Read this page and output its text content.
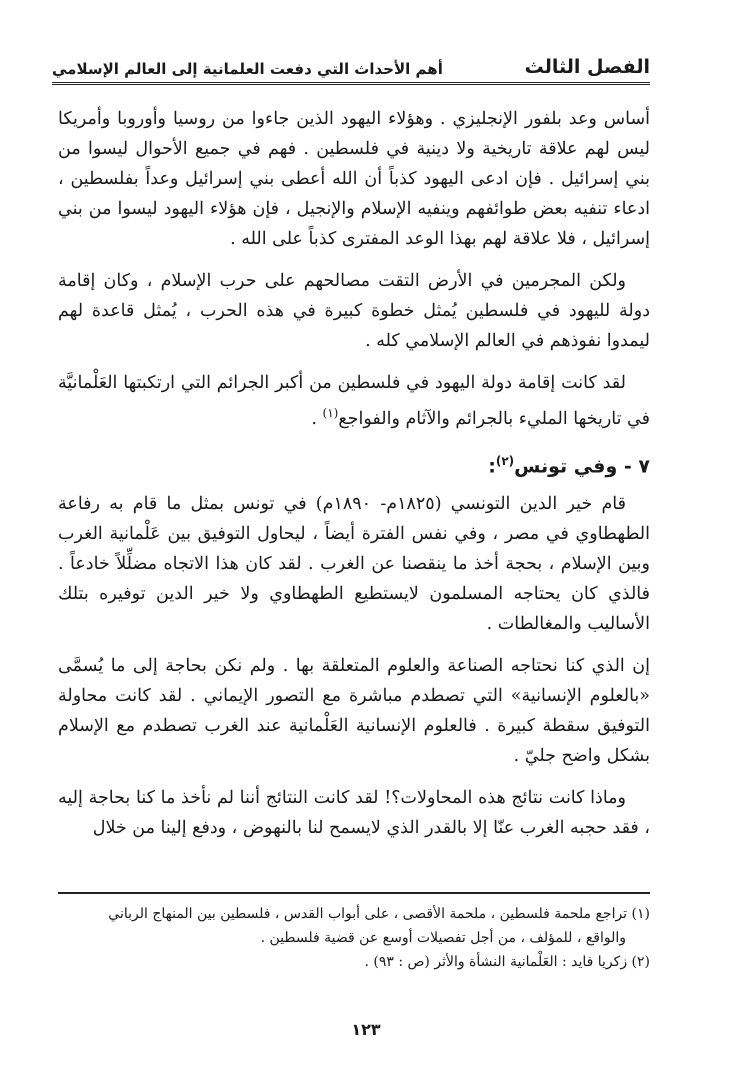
الفصل الثالث
أهم الأحداث التي دفعت العلمانية إلى العالم الإسلامي

أساس وعد بلفور الإنجليزي . وهؤلاء اليهود الذين جاءوا من روسيا وأوروبا وأمريكا ليس لهم علاقة تاريخية ولا دينية في فلسطين . فهم في جميع الأحوال ليسوا من بني إسرائيل . فإن ادعى اليهود كذباً أن الله أعطى بني إسرائيل وعداً بفلسطين ، ادعاء تنفيه بعض طوائفهم وينفيه الإسلام والإنجيل ، فإن هؤلاء اليهود ليسوا من بني إسرائيل ، فلا علاقة لهم بهذا الوعد المفترى كذباً على الله .

ولكن المجرمين في الأرض التقت مصالحهم على حرب الإسلام ، وكان إقامة دولة لليهود في فلسطين يُمثل خطوة كبيرة في هذه الحرب ، يُمثل قاعدة لهم ليمدوا نفوذهم في العالم الإسلامي كله .

لقد كانت إقامة دولة اليهود في فلسطين من أكبر الجرائم التي ارتكبتها العَلْمانيَّة في تاريخها المليء بالجرائم والآثام والفواجع$^{(١)}$ .

٧ - وفي تونس$^{(٢)}$:

قام خير الدين التونسي (١٨٢٥م- ١٨٩٠م) في تونس بمثل ما قام به رفاعة الطهطاوي في مصر ، وفي نفس الفترة أيضاً ، ليحاول التوفيق بين عَلْمانية الغرب وبين الإسلام ، بحجة أخذ ما ينقصنا عن الغرب . لقد كان هذا الاتجاه مضلِّلاً خادعاً . فالذي كان يحتاجه المسلمون لايستطيع الطهطاوي ولا خير الدين توفيره بتلك الأساليب والمغالطات .

إن الذي كنا نحتاجه الصناعة والعلوم المتعلقة بها . ولم نكن بحاجة إلى ما يُسمَّى «بالعلوم الإنسانية» التي تصطدم مباشرة مع التصور الإيماني . لقد كانت محاولة التوفيق سقطة كبيرة . فالعلوم الإنسانية العَلْمانية عند الغرب تصطدم مع الإسلام بشكل واضح جليّ .

وماذا كانت نتائج هذه المحاولات؟! لقد كانت النتائج أننا لم نأخذ ما كنا بحاجة إليه ، فقد حجبه الغرب عنّا إلا بالقدر الذي لايسمح لنا بالنهوض ، ودفع إلينا من خلال

(١) تراجع ملحمة فلسطين ، ملحمة الأقصى ، على أبواب القدس ، فلسطين بين المنهاج الرباني

والواقع ، للمؤلف ، من أجل تفصيلات أوسع عن قضية فلسطين .

(٢) زكريا فايد : العَلْمانية النشأة والأثر (ص : ٩٣) .

١٢٣
